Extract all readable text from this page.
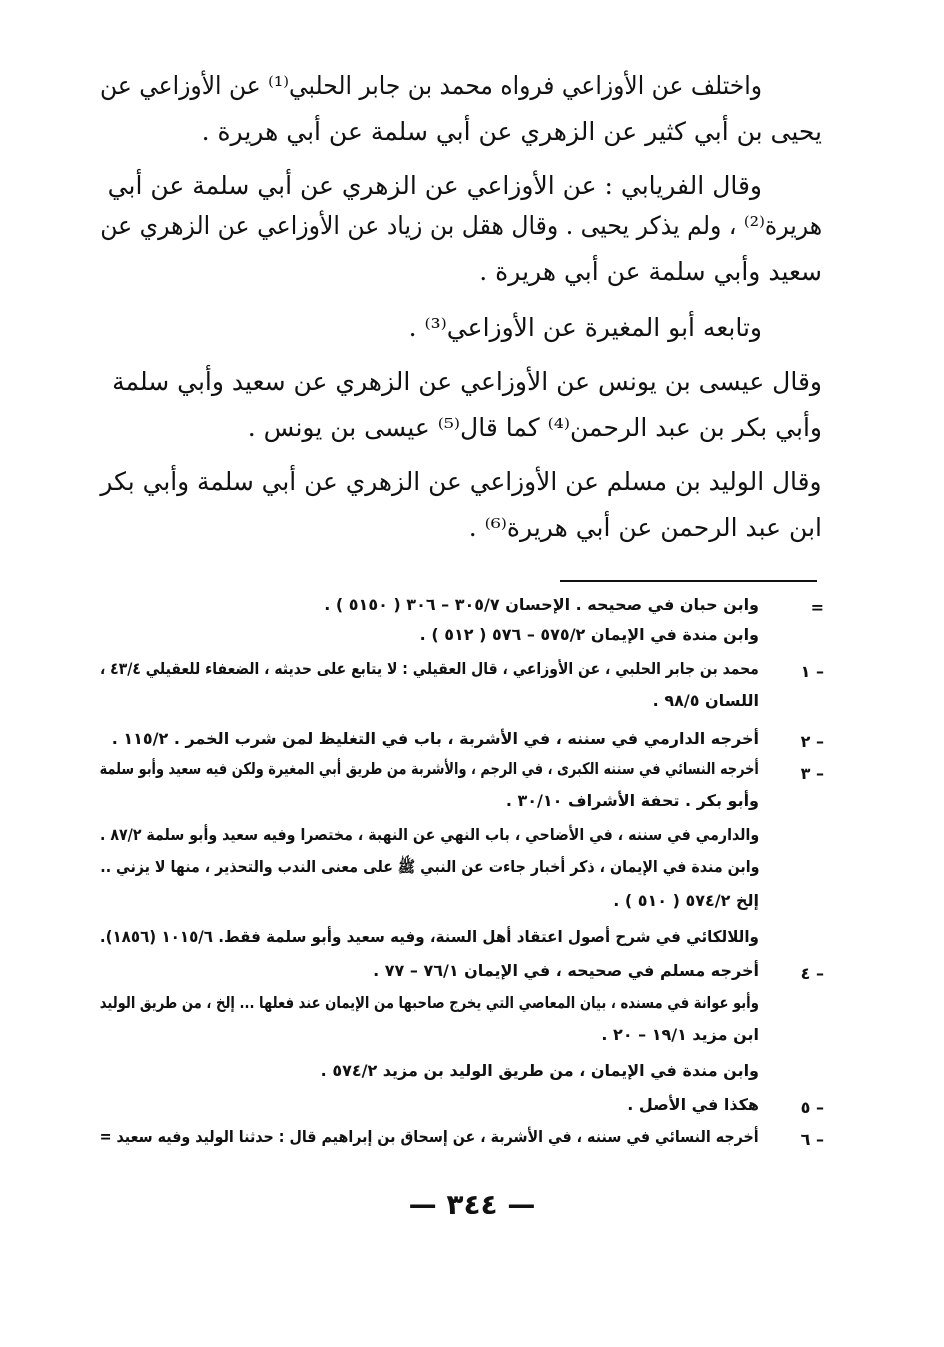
واختلف عن الأوزاعي فرواه محمد بن جابر الحلبي⁽¹⁾ عن الأوزاعي عن
يحيى بن أبي كثير عن الزهري عن أبي سلمة عن أبي هريرة .
وقال الفريابي : عن الأوزاعي عن الزهري عن أبي سلمة عن أبي
هريرة⁽²⁾ ، ولم يذكر يحيى . وقال هقل بن زياد عن الأوزاعي عن الزهري عن
سعيد وأبي سلمة عن أبي هريرة .
وتابعه أبو المغيرة عن الأوزاعي⁽³⁾ .
وقال عيسى بن يونس عن الأوزاعي عن الزهري عن سعيد وأبي سلمة
وأبي بكر بن عبد الرحمن⁽⁴⁾ كما قال⁽⁵⁾ عيسى بن يونس .
وقال الوليد بن مسلم عن الأوزاعي عن الزهري عن أبي سلمة وأبي بكر
ابن عبد الرحمن عن أبي هريرة⁽⁶⁾ .
=
وابن حبان في صحيحه . الإحسان ٣٠٥/٧ – ٣٠٦ ( ٥١٥٠ ) .
وابن مندة في الإيمان ٥٧٥/٢ – ٥٧٦ ( ٥١٢ ) .
١ –
محمد بن جابر الحلبي ، عن الأوزاعي ، قال العقيلي : لا يتابع على حديثه ، الضعفاء للعقيلي ٤٣/٤ ،
اللسان ٩٨/٥ .
٢ –
أخرجه الدارمي في سننه ، في الأشربة ، باب في التغليظ لمن شرب الخمر . ١١٥/٢ .
٣ –
أخرجه النسائي في سننه الكبرى ، في الرجم ، والأشربة من طريق أبي المغيرة ولكن فيه سعيد وأبو سلمة
وأبو بكر . تحفة الأشراف ٣٠/١٠ .
والدارمي في سننه ، في الأضاحي ، باب النهي عن النهبة ، مختصرا وفيه سعيد وأبو سلمة ٨٧/٢ .
وابن مندة في الإيمان ، ذكر أخبار جاءت عن النبي ﷺ على معنى الندب والتحذير ، منها لا يزني ..
إلخ ٥٧٤/٢ ( ٥١٠ ) .
واللالكائي في شرح أصول اعتقاد أهل السنة، وفيه سعيد وأبو سلمة فقط. ١٠١٥/٦ (١٨٥٦).
٤ –
أخرجه مسلم في صحيحه ، في الإيمان ٧٦/١ – ٧٧ .
وأبو عوانة في مسنده ، بيان المعاصي التي يخرج صاحبها من الإيمان عند فعلها ... إلخ ، من طريق الوليد
ابن مزيد ١٩/١ – ٢٠ .
وابن مندة في الإيمان ، من طريق الوليد بن مزيد ٥٧٤/٢ .
٥ –
هكذا في الأصل .
٦ –
أخرجه النسائي في سننه ، في الأشربة ، عن إسحاق بن إبراهيم قال : حدثنا الوليد وفيه سعيد =
— ٣٤٤ —
